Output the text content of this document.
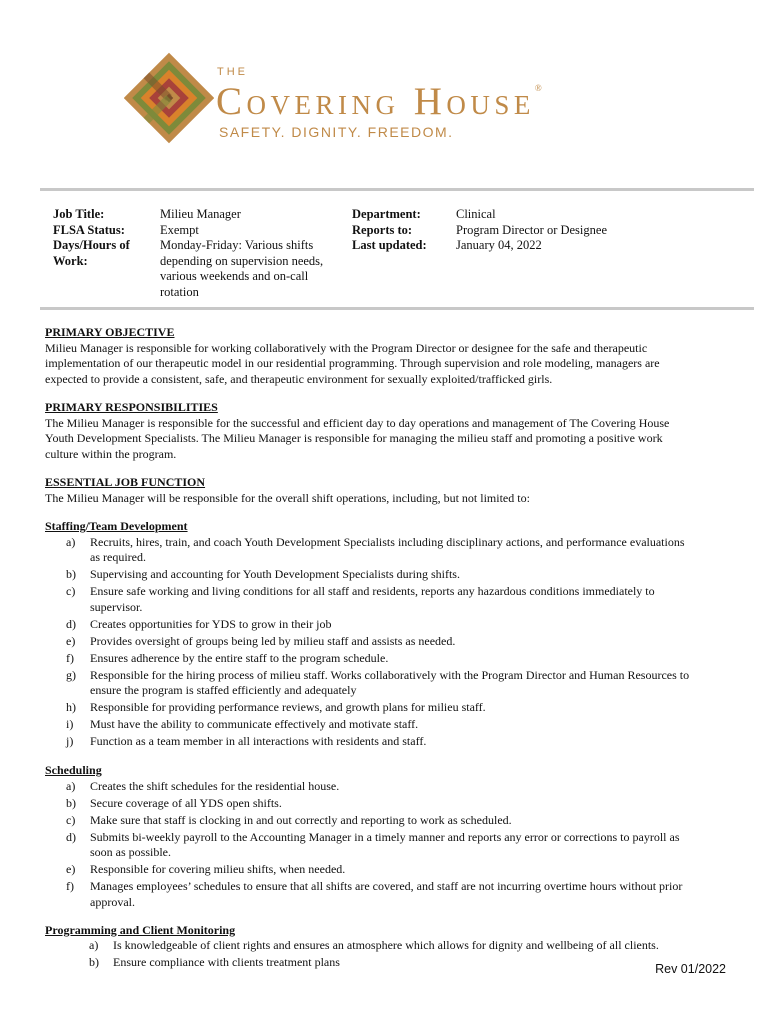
THE
Covering House®
SAFETY. DIGNITY. FREEDOM.
Job Title:
FLSA Status:
Days/Hours of
Work:
Milieu Manager
Exempt
Monday-Friday: Various shifts
depending on supervision needs,
various weekends and on-call
rotation
Department:
Reports to:
Last updated:
Clinical
Program Director or Designee
January 04, 2022

PRIMARY OBJECTIVE

Milieu Manager is responsible for working collaboratively with the Program Director or designee for the safe and therapeutic

implementation of our therapeutic model in our residential programming. Through supervision and role modeling, managers are

expected to provide a consistent, safe, and therapeutic environment for sexually exploited/trafficked girls.

PRIMARY RESPONSIBILITIES

The Milieu Manager is responsible for the successful and efficient day to day operations and management of The Covering House

Youth Development Specialists. The Milieu Manager is responsible for managing the milieu staff and promoting a positive work

culture within the program.

ESSENTIAL JOB FUNCTION

The Milieu Manager will be responsible for the overall shift operations, including, but not limited to:

Staffing/Team Development

a) Recruits, hires, train, and coach Youth Development Specialists including disciplinary actions, and performance evaluations
as required.
b) Supervising and accounting for Youth Development Specialists during shifts.
c) Ensure safe working and living conditions for all staff and residents, reports any hazardous conditions immediately to
supervisor.
d) Creates opportunities for YDS to grow in their job
e) Provides oversight of groups being led by milieu staff and assists as needed.
f) Ensures adherence by the entire staff to the program schedule.
g) Responsible for the hiring process of milieu staff. Works collaboratively with the Program Director and Human Resources to
ensure the program is staffed efficiently and adequately
h) Responsible for providing performance reviews, and growth plans for milieu staff.
i) Must have the ability to communicate effectively and motivate staff.
j) Function as a team member in all interactions with residents and staff.

Scheduling

a) Creates the shift schedules for the residential house.
b) Secure coverage of all YDS open shifts.
c) Make sure that staff is clocking in and out correctly and reporting to work as scheduled.
d) Submits bi-weekly payroll to the Accounting Manager in a timely manner and reports any error or corrections to payroll as
soon as possible.
e) Responsible for covering milieu shifts, when needed.
f) Manages employees’ schedules to ensure that all shifts are covered, and staff are not incurring overtime hours without prior
approval.

Programming and Client Monitoring

a) Is knowledgeable of client rights and ensures an atmosphere which allows for dignity and wellbeing of all clients.
b) Ensure compliance with clients treatment plans	Rev 01/2022
